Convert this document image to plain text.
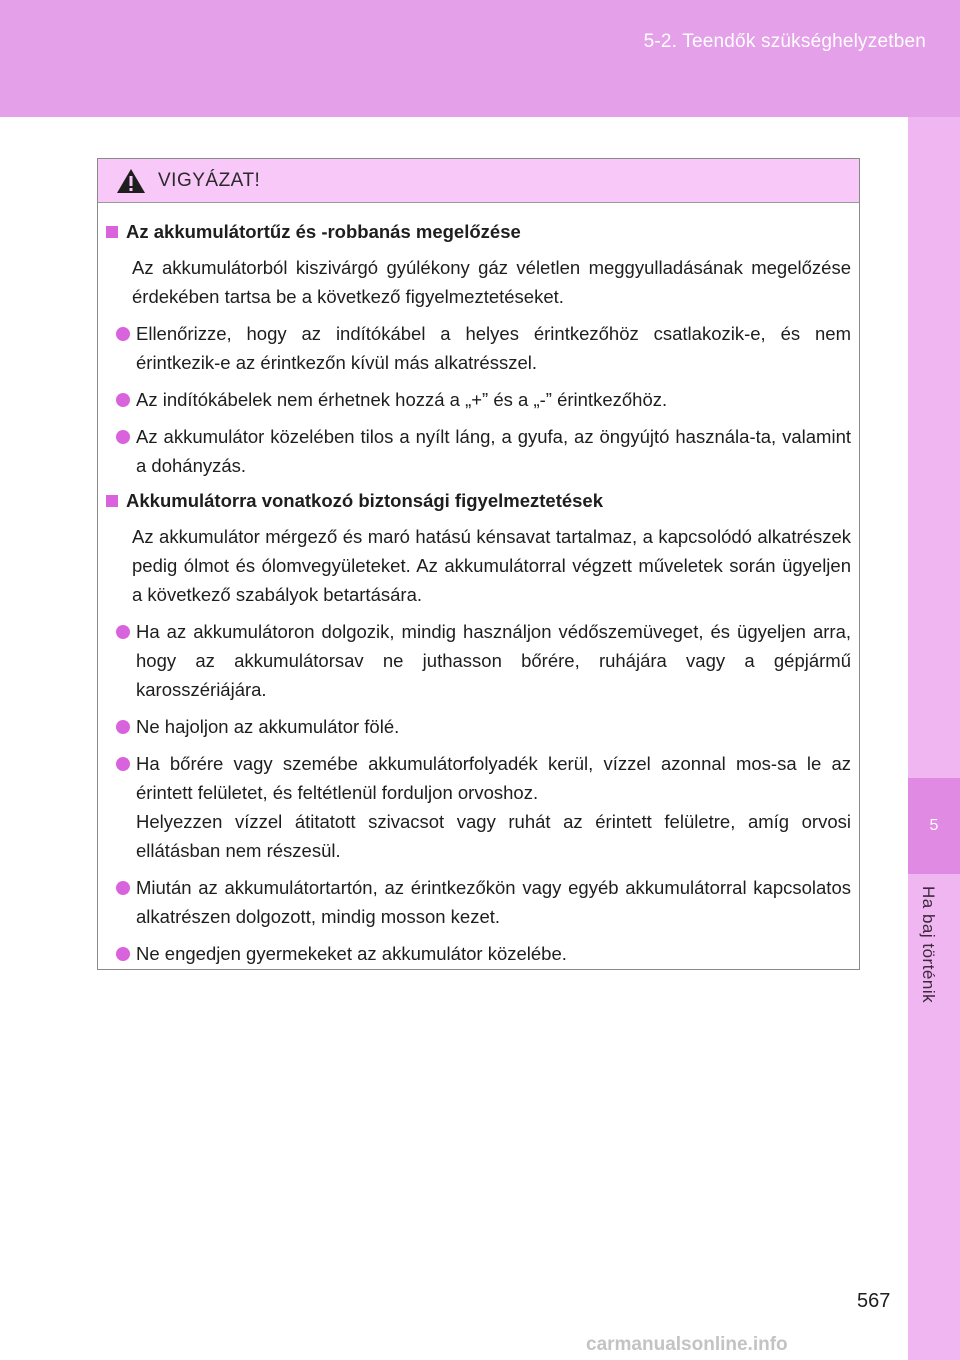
5-2. Teendők szükséghelyzetben
5
Ha baj történik
VIGYÁZAT!
Az akkumulátortűz és -robbanás megelőzése
Az akkumulátorból kiszivárgó gyúlékony gáz véletlen meggyulladásának megelőzése érdekében tartsa be a következő figyelmeztetéseket.
Ellenőrizze, hogy az indítókábel a helyes érintkezőhöz csatlakozik-e, és nem érintkezik-e az érintkezőn kívül más alkatrésszel.
Az indítókábelek nem érhetnek hozzá a „+” és a „-” érintkezőhöz.
Az akkumulátor közelében tilos a nyílt láng, a gyufa, az öngyújtó használa-ta, valamint a dohányzás.
Akkumulátorra vonatkozó biztonsági figyelmeztetések
Az akkumulátor mérgező és maró hatású kénsavat tartalmaz, a kapcsolódó alkatrészek pedig ólmot és ólomvegyületeket. Az akkumulátorral végzett műveletek során ügyeljen a következő szabályok betartására.
Ha az akkumulátoron dolgozik, mindig használjon védőszemüveget, és ügyeljen arra, hogy az akkumulátorsav ne juthasson bőrére, ruhájára vagy a gépjármű karosszériájára.
Ne hajoljon az akkumulátor fölé.
Ha bőrére vagy szemébe akkumulátorfolyadék kerül, vízzel azonnal mos-sa le az érintett felületet, és feltétlenül forduljon orvoshoz.
Helyezzen vízzel átitatott szivacsot vagy ruhát az érintett felületre, amíg orvosi ellátásban nem részesül.
Miután az akkumulátortartón, az érintkezőkön vagy egyéb akkumulátorral kapcsolatos alkatrészen dolgozott, mindig mosson kezet.
Ne engedjen gyermekeket az akkumulátor közelébe.
567
carmanualsonline.info
